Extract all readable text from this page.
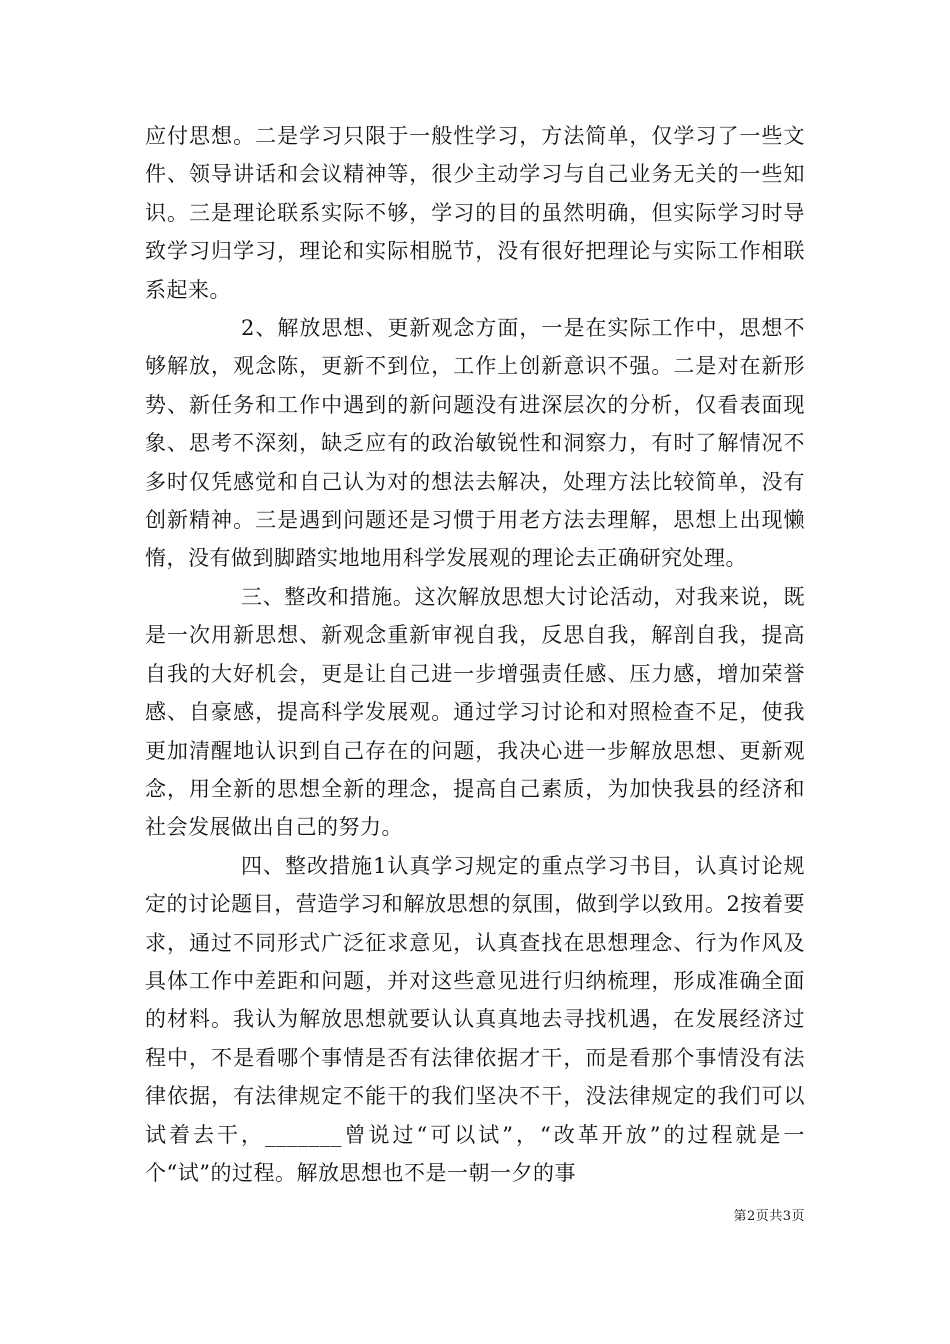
应付思想。二是学习只限于一般性学习，方法简单，仅学习了一些文件、领导讲话和会议精神等，很少主动学习与自己业务无关的一些知识。三是理论联系实际不够，学习的目的虽然明确，但实际学习时导致学习归学习，理论和实际相脱节，没有很好把理论与实际工作相联系起来。

2、解放思想、更新观念方面，一是在实际工作中，思想不够解放，观念陈，更新不到位，工作上创新意识不强。二是对在新形势、新任务和工作中遇到的新问题没有进深层次的分析，仅看表面现象、思考不深刻，缺乏应有的政治敏锐性和洞察力，有时了解情况不多时仅凭感觉和自己认为对的想法去解决，处理方法比较简单，没有创新精神。三是遇到问题还是习惯于用老方法去理解，思想上出现懒惰，没有做到脚踏实地地用科学发展观的理论去正确研究处理。

三、整改和措施。这次解放思想大讨论活动，对我来说，既是一次用新思想、新观念重新审视自我，反思自我，解剖自我，提高自我的大好机会，更是让自己进一步增强责任感、压力感，增加荣誉感、自豪感，提高科学发展观。通过学习讨论和对照检查不足，使我更加清醒地认识到自己存在的问题，我决心进一步解放思想、更新观念，用全新的思想全新的理念，提高自己素质，为加快我县的经济和社会发展做出自己的努力。

四、整改措施1认真学习规定的重点学习书目，认真讨论规定的讨论题目，营造学习和解放思想的氛围，做到学以致用。2按着要求，通过不同形式广泛征求意见，认真查找在思想理念、行为作风及具体工作中差距和问题，并对这些意见进行归纳梳理，形成准确全面的材料。我认为解放思想就要认认真真地去寻找机遇，在发展经济过程中，不是看哪个事情是否有法律依据才干，而是看那个事情没有法律依据，有法律规定不能干的我们坚决不干，没法律规定的我们可以试着去干，_______曾说过“可以试”，“改革开放”的过程就是一个“试”的过程。解放思想也不是一朝一夕的事

第2页共3页
